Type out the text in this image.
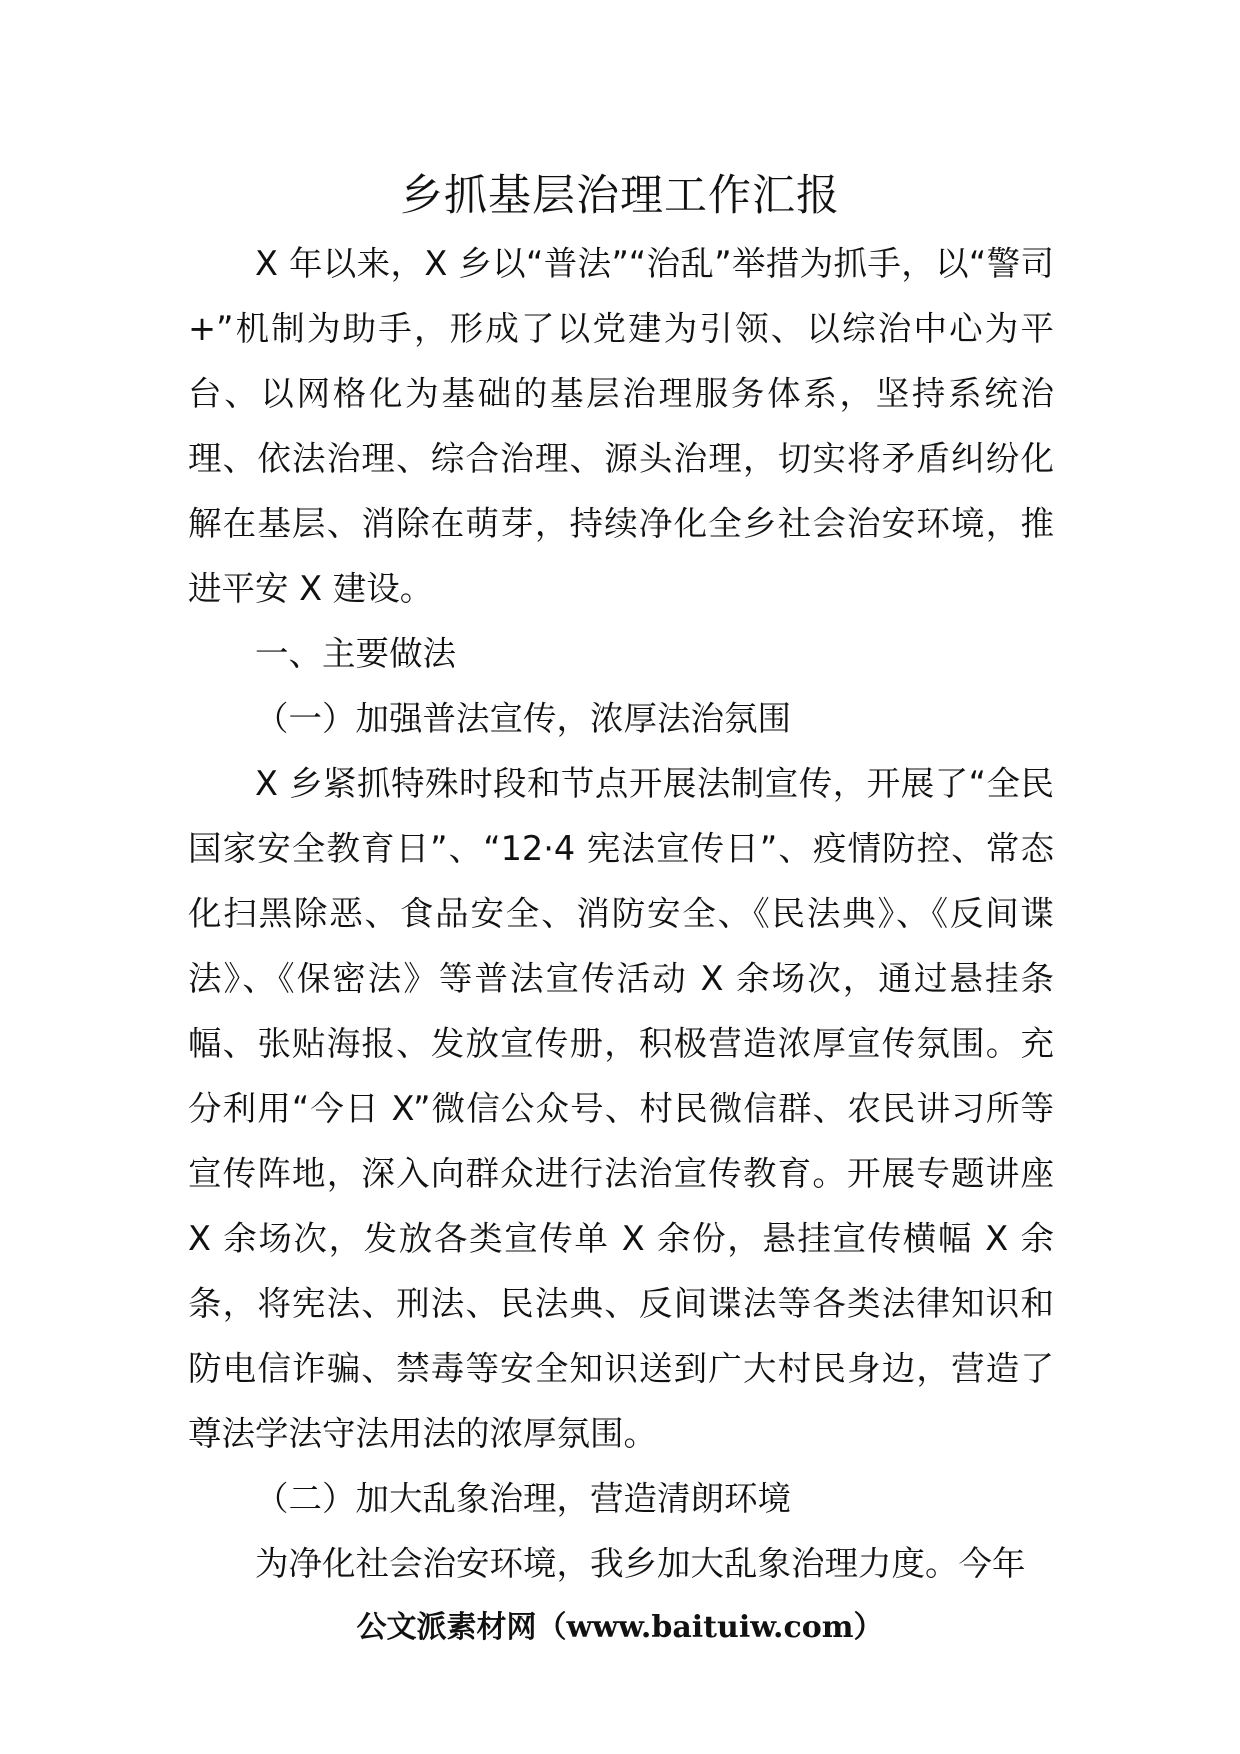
乡抓基层治理工作汇报

X 年以来，X 乡以“普法”“治乱”举措为抓手，以“警司+”机制为助手，形成了以党建为引领、以综治中心为平台、以网格化为基础的基层治理服务体系，坚持系统治理、依法治理、综合治理、源头治理，切实将矛盾纠纷化解在基层、消除在萌芽，持续净化全乡社会治安环境，推进平安 X 建设。

一、主要做法

（一）加强普法宣传，浓厚法治氛围

X 乡紧抓特殊时段和节点开展法制宣传，开展了“全民国家安全教育日”、“12·4 宪法宣传日”、疫情防控、常态化扫黑除恶、食品安全、消防安全、《民法典》、《反间谍法》、《保密法》等普法宣传活动 X 余场次，通过悬挂条幅、张贴海报、发放宣传册，积极营造浓厚宣传氛围。充分利用“今日 X”微信公众号、村民微信群、农民讲习所等宣传阵地，深入向群众进行法治宣传教育。开展专题讲座 X 余场次，发放各类宣传单 X 余份，悬挂宣传横幅 X 余条，将宪法、刑法、民法典、反间谍法等各类法律知识和防电信诈骗、禁毒等安全知识送到广大村民身边，营造了尊法学法守法用法的浓厚氛围。

（二）加大乱象治理，营造清朗环境

为净化社会治安环境，我乡加大乱象治理力度。今年

公文派素材网（www.baituiw.com）
